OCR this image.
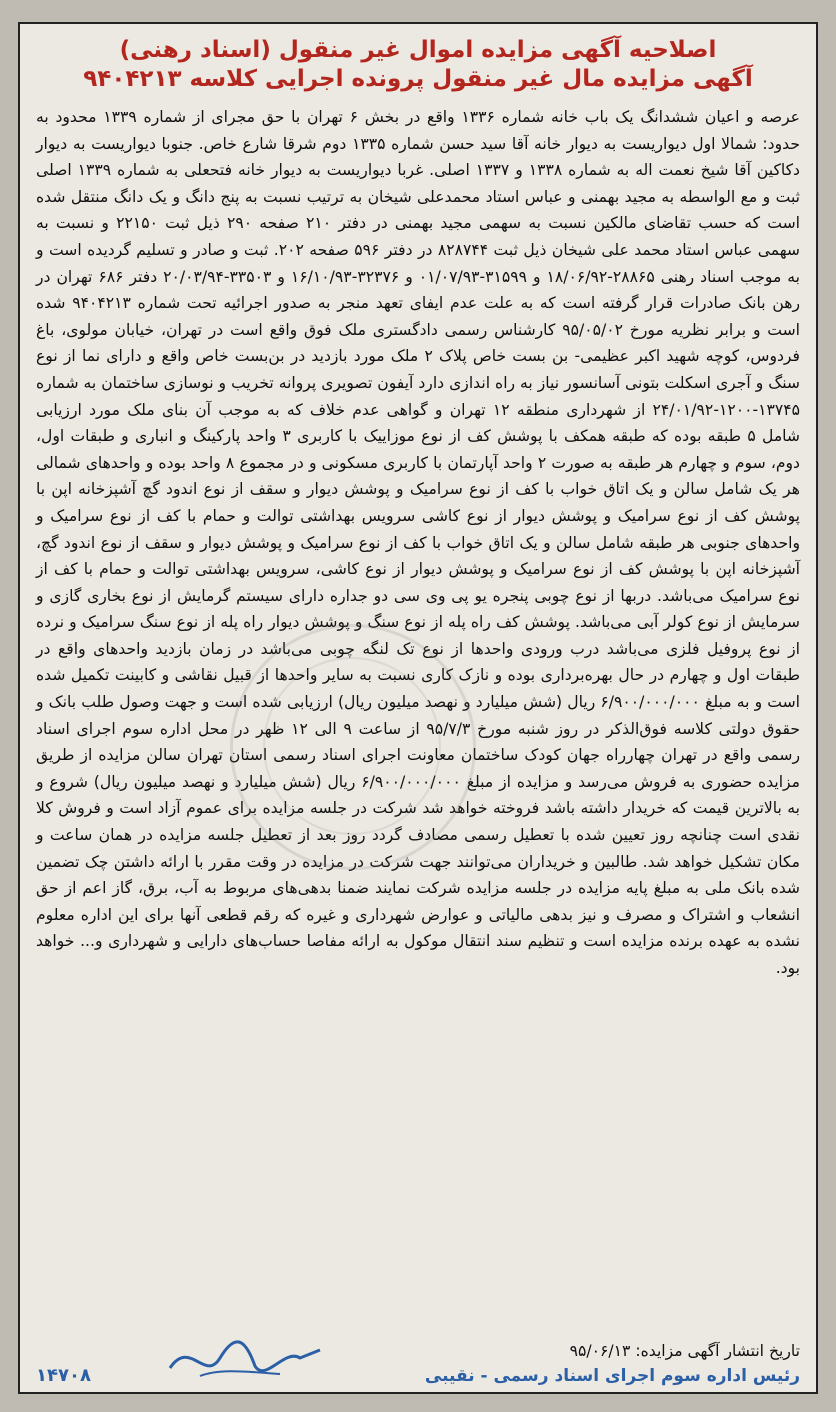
اصلاحیه آگهی مزایده اموال غیر منقول (اسناد رهنی)
آگهی مزایده مال غیر منقول پرونده اجرایی کلاسه ۹۴۰۴۲۱۳

عرصه و اعیان ششدانگ یک باب خانه شماره ۱۳۳۶ واقع در بخش ۶ تهران با حق مجرای از شماره ۱۳۳۹ محدود به حدود: شمالا اول دیواریست به دیوار خانه آقا سید حسن شماره ۱۳۳۵ دوم شرقا شارع خاص. جنوبا دیواریست به دیوار دکاکین آقا شیخ نعمت اله به شماره ۱۳۳۸ و ۱۳۳۷ اصلی. غربا دیواریست به دیوار خانه فتحعلی به شماره ۱۳۳۹ اصلی ثبت و مع الواسطه به مجید بهمنی و عباس استاد محمدعلی شیخان به ترتیب نسبت به پنج دانگ و یک دانگ منتقل شده است که حسب تقاضای مالکین نسبت به سهمی مجید بهمنی در دفتر ۲۱۰ صفحه ۲۹۰ ذیل ثبت ۲۲۱۵۰ و نسبت به سهمی عباس استاد محمد علی شیخان ذیل ثبت ۸۲۸۷۴۴ در دفتر ۵۹۶ صفحه ۲۰۲. ثبت و صادر و تسلیم گردیده است و به موجب اسناد رهنی ۲۸۸۶۵-۱۸/۰۶/۹۲ و ۳۱۵۹۹-۰۱/۰۷/۹۳ و ۳۲۳۷۶-۱۶/۱۰/۹۳ و ۳۳۵۰۳-۲۰/۰۳/۹۴ دفتر ۶۸۶ تهران در رهن بانک صادرات قرار گرفته است که به علت عدم ایفای تعهد منجر به صدور اجرائیه تحت شماره ۹۴۰۴۲۱۳ شده است و برابر نظریه مورخ ۹۵/۰۵/۰۲ کارشناس رسمی دادگستری ملک فوق واقع است در تهران، خیابان مولوی، باغ فردوس، کوچه شهید اکبر عظیمی- بن بست خاص پلاک ۲ ملک مورد بازدید در بن‌بست خاص واقع و دارای نما از نوع سنگ و آجری اسکلت بتونی آسانسور نیاز به راه اندازی دارد آیفون تصویری پروانه تخریب و نوسازی ساختمان به شماره ۱۳۷۴۵-۱۲۰۰-۲۴/۰۱/۹۲ از شهرداری منطقه ۱۲ تهران و گواهی عدم خلاف که به موجب آن بنای ملک مورد ارزیابی شامل ۵ طبقه بوده که طبقه همکف با پوشش کف از نوع موزاییک با کاربری ۳ واحد پارکینگ و انباری و طبقات اول، دوم، سوم و چهارم هر طبقه به صورت ۲ واحد آپارتمان با کاربری مسکونی و در مجموع ۸ واحد بوده و واحدهای شمالی هر یک شامل سالن و یک اتاق خواب با کف از نوع سرامیک و پوشش دیوار و سقف از نوع اندود گچ آشپزخانه اپن با پوشش کف از نوع سرامیک و پوشش دیوار از نوع کاشی سرویس بهداشتی توالت و حمام با کف از نوع سرامیک و واحدهای جنوبی هر طبقه شامل سالن و یک اتاق خواب با کف از نوع سرامیک و پوشش دیوار و سقف از نوع اندود گچ، آشپزخانه اپن با پوشش کف از نوع سرامیک و پوشش دیوار از نوع کاشی، سرویس بهداشتی توالت و حمام با کف از نوع سرامیک می‌باشد. دربها از نوع چوبی پنجره یو پی وی سی دو جداره دارای سیستم گرمایش از نوع بخاری گازی و سرمایش از نوع کولر آبی می‌باشد. پوشش کف راه پله از نوع سنگ و پوشش دیوار راه پله از نوع سنگ سرامیک و نرده از نوع پروفیل فلزی می‌باشد درب ورودی واحدها از نوع تک لنگه چوبی می‌باشد در زمان بازدید واحدهای واقع در طبقات اول و چهارم در حال بهره‌برداری بوده و نازک کاری نسبت به سایر واحدها از قبیل نقاشی و کابینت تکمیل شده است و به مبلغ ۶/۹۰۰/۰۰۰/۰۰۰ ریال (شش میلیارد و نهصد میلیون ریال) ارزیابی شده است و جهت وصول طلب بانک و حقوق دولتی کلاسه فوق‌الذکر در روز شنبه مورخ ۹۵/۷/۳ از ساعت ۹ الی ۱۲ ظهر در محل اداره سوم اجرای اسناد رسمی واقع در تهران چهارراه جهان کودک ساختمان معاونت اجرای اسناد رسمی استان تهران سالن مزایده از طریق مزایده حضوری به فروش می‌رسد و مزایده از مبلغ ۶/۹۰۰/۰۰۰/۰۰۰ ریال (شش میلیارد و نهصد میلیون ریال) شروع و به بالاترین قیمت که خریدار داشته باشد فروخته خواهد شد شرکت در جلسه مزایده برای عموم آزاد است و فروش کلا نقدی است چنانچه روز تعیین شده با تعطیل رسمی مصادف گردد روز بعد از تعطیل جلسه مزایده در همان ساعت و مکان تشکیل خواهد شد. طالبین و خریداران می‌توانند جهت شرکت در مزایده در وقت مقرر با ارائه داشتن چک تضمین شده بانک ملی به مبلغ پایه مزایده در جلسه مزایده شرکت نمایند ضمنا بدهی‌های مربوط به آب، برق، گاز اعم از حق انشعاب و اشتراک و مصرف و نیز بدهی مالیاتی و عوارض شهرداری و غیره که رقم قطعی آنها برای این اداره معلوم نشده به عهده برنده مزایده است و تنظیم سند انتقال موکول به ارائه مفاصا حساب‌های دارایی و شهرداری و... خواهد بود.

تاریخ انتشار آگهی مزایده: ۹۵/۰۶/۱۳
رئیس اداره سوم اجرای اسناد رسمی - نقیبی
۱۴۷۰۸
